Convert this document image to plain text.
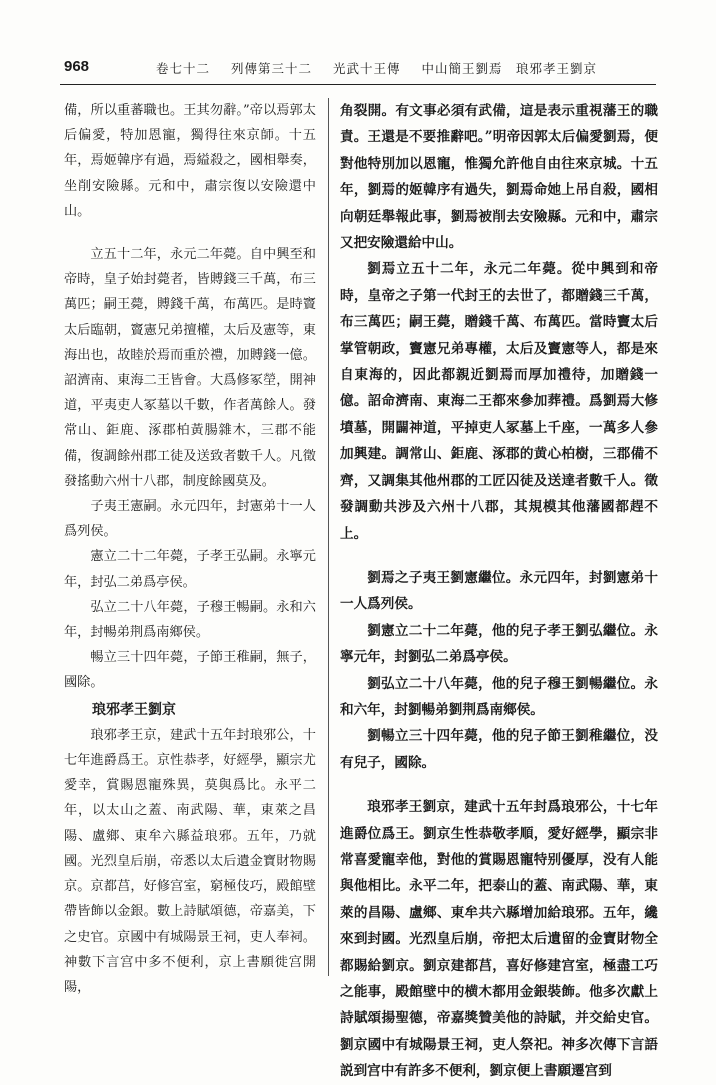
968	卷七十二 列傳第三十二 光武十王傳 中山簡王劉焉　琅邪孝王劉京

備，所以重蕃職也。王其勿辭。”帝以焉郭太后偏愛，特加恩寵，獨得往來京師。十五年，焉姬韓序有過，焉縊殺之，國相舉奏，坐削安險縣。元和中，肅宗復以安險還中山。

立五十二年，永元二年薨。自中興至和帝時，皇子始封薨者，皆賻錢三千萬，布三萬匹；嗣王薨，賻錢千萬，布萬匹。是時竇太后臨朝，竇憲兄弟擅權，太后及憲等，東海出也，故睦於焉而重於禮，加賻錢一億。詔濟南、東海二王皆會。大爲修冢塋，開神道，平夷吏人冢墓以千數，作者萬餘人。發常山、鉅鹿、涿郡柏黃腸雜木，三郡不能備，復調餘州郡工徒及送致者數千人。凡徵發搖動六州十八郡，制度餘國莫及。

子夷王憲嗣。永元四年，封憲弟十一人爲列侯。

憲立二十二年薨，子孝王弘嗣。永寧元年，封弘二弟爲亭侯。

弘立二十八年薨，子穆王暢嗣。永和六年，封暢弟荆爲南鄉侯。

暢立三十四年薨，子節王稚嗣，無子，國除。

琅邪孝王劉京

琅邪孝王京，建武十五年封琅邪公，十七年進爵爲王。京性恭孝，好經學，顯宗尤愛幸，賞賜恩寵殊異，莫與爲比。永平二年，以太山之蓋、南武陽、華，東萊之昌陽、盧鄉、東牟六縣益琅邪。五年，乃就國。光烈皇后崩，帝悉以太后遺金寶財物賜京。京都莒，好修宫室，窮極伎巧，殿館壁帶皆飾以金銀。數上詩賦頌德，帝嘉美，下之史官。京國中有城陽景王祠，吏人奉祠。神數下言宫中多不便利，京上書願徙宫開陽，

角裂開。有文事必須有武備，這是表示重視藩王的職責。王還是不要推辭吧。”明帝因郭太后偏愛劉焉，便對他特別加以恩寵，惟獨允許他自由往來京城。十五年，劉焉的姬韓序有過失，劉焉命她上吊自殺，國相向朝廷舉報此事，劉焉被削去安險縣。元和中，肅宗又把安險還給中山。

劉焉立五十二年，永元二年薨。從中興到和帝時，皇帝之子第一代封王的去世了，都贈錢三千萬，布三萬匹；嗣王薨，贈錢千萬、布萬匹。當時竇太后掌管朝政，竇憲兄弟專權，太后及竇憲等人，都是來自東海的，因此都親近劉焉而厚加禮待，加贈錢一億。詔命濟南、東海二王都來參加葬禮。爲劉焉大修墳墓，開闢神道，平掉吏人冢墓上千座，一萬多人參加興建。調常山、鉅鹿、涿郡的黄心柏樹，三郡備不齊，又調集其他州郡的工匠囚徒及送達者數千人。徵發調動共涉及六州十八郡，其規模其他藩國都趕不上。

劉焉之子夷王劉憲繼位。永元四年，封劉憲弟十一人爲列侯。

劉憲立二十二年薨，他的兒子孝王劉弘繼位。永寧元年，封劉弘二弟爲亭侯。

劉弘立二十八年薨，他的兒子穆王劉暢繼位。永和六年，封劉暢弟劉荆爲南鄉侯。

劉暢立三十四年薨，他的兒子節王劉稚繼位，没有兒子，國除。

琅邪孝王劉京，建武十五年封爲琅邪公，十七年進爵位爲王。劉京生性恭敬孝順，愛好經學，顯宗非常喜愛寵幸他，對他的賞賜恩寵特别優厚，没有人能與他相比。永平二年，把泰山的蓋、南武陽、華，東萊的昌陽、盧鄉、東牟共六縣增加給琅邪。五年，纔來到封國。光烈皇后崩，帝把太后遺留的金寶財物全都賜給劉京。劉京建都莒，喜好修建宫室，極盡工巧之能事，殿館壁中的横木都用金銀裝飾。他多次獻上詩賦頌揚聖德，帝嘉獎贊美他的詩賦，并交給史官。劉京國中有城陽景王祠，吏人祭祀。神多次傳下言語説到宫中有許多不便利，劉京便上書願遷宫到
